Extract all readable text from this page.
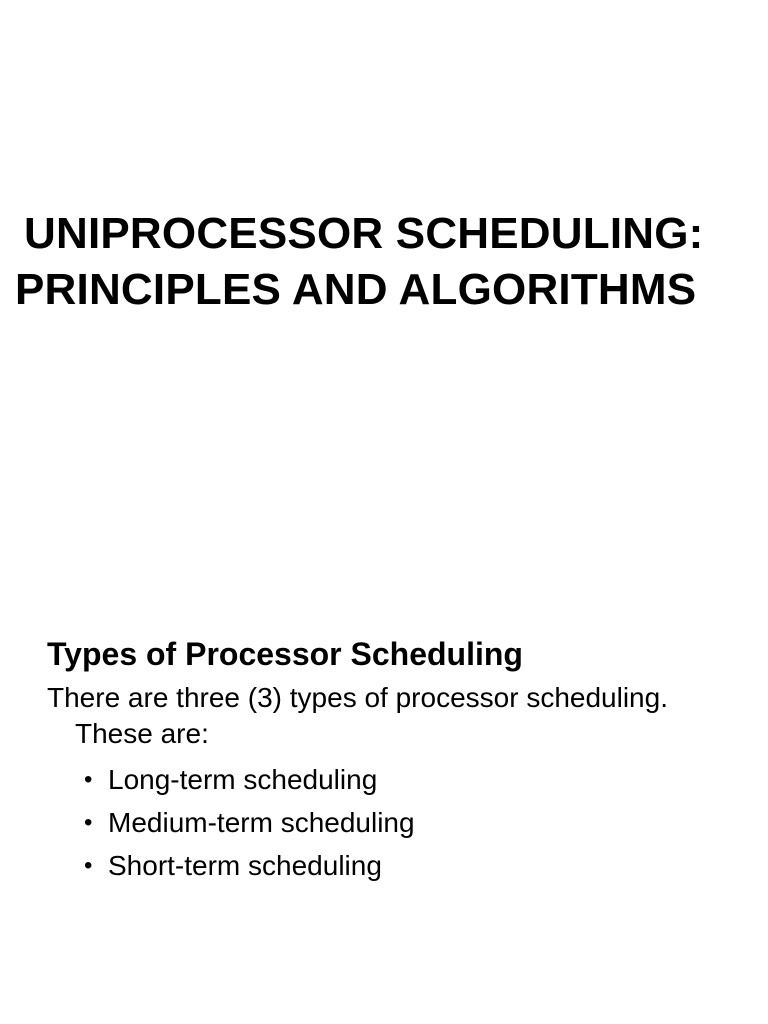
UNIPROCESSOR SCHEDULING:
PRINCIPLES AND ALGORITHMS
Types of Processor Scheduling
There are three (3) types of processor scheduling.
These are:
• Long-term scheduling
• Medium-term scheduling
• Short-term scheduling
